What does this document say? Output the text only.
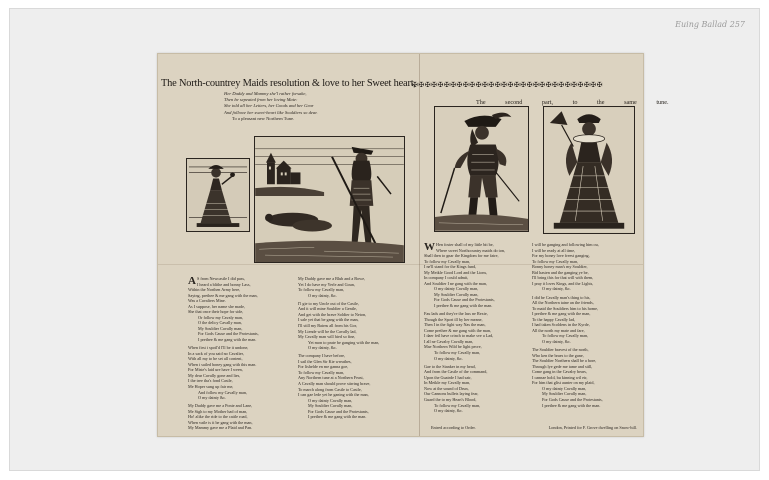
Euing Ballad 257
The North-countrey Maids resolution & love to her Sweet heart,
Her Daddy and Mammy she'l rather forsake,
Then be sepeated from her loving Mate:
She told all her Letters, her Goods and her Gear
And followe her sweet-heart like Souldiers so dear.
To a pleasant new Northern Tune.
✠✠✠✠✠✠✠✠✠✠✠✠✠✠✠✠✠✠✠✠✠✠✠✠✠✠✠✠✠✠
The second part, to the same tune.
A S from Newcastle I did pass,
I heard a blithe and bonny Lass,
Within the Northen Army here,
Saying, prethee & me gang with the man,
Was a Cavaliers Mine.
As I suppose, her name she made,
She that once their hope for side,
Or follow my Cavaly man,
O the delicy Cavally man,
My Souldier Cavally man,
For Gods Cause and the Protestants,
I prethee & me gang with the man.
When first i spoil'd I'll be it undone,
In a sack of you said no Cavalier,
With all my to be set all content,
When i sailed boney gang with this man.
For Miste's laid ure have I ween,
My dear Cavally gone and lies,
I the tree tha's fond Castle,
Me Hoper sung up fair me,
And follow my Cavally man,
O my dainty &c.
My Daddy gave me a Ponie and Lane,
Me Sigh to my Mother had of man,
Ho! alike the ride to the cattle road,
When vaile is it be gang with the man,
My Mammy gave me a Plaid and Pan.
My Daddy gave me a Blub and a Bowe,
Yet I do have my Yerle and Goun,
To follow my Cavally man,
O my dainty, &c.
I'l gie to my Uncle out of the Castle,
And it will mine Souldier a Gentle,
And get with the brave Soldier to Neton,
I sale yet that be gang with the man,
I'll still my Bairns all from his Gor,
My Liende will be the Cavally lad,
My Cavally man will hied so fine,
Yet mon to prate be ganging with the man,
O my dainty, &c.
The company I have before,
I sail the Glen Sir Kie wreathes,
For lishelde en me ganna goe,
To follow my Cavally man,
Any Northern tune at a Northern Feast,
A Cavally man should prove stirring brave,
To march along from Castle to Castle,
I can gae lede yet he ganing with the man,
O my dainty Cavally man,
My Souldier Cavally man,
For Gods Cause and the Protestants,
I prethee & me gang with the man.
W Hen foster shall of my little bit be,
Where sweet Northcountry maids do ton,
Shall then to gnar the Kingdom for me faire,
To follow my Cavally man,
I ne'll stand for the Kings fund,
My Meikle Good Lord and the Lions,
In company I could admit,
And Souldier I ne gang with the man,
O my dainty Cavally man,
My Souldier Cavally man,
For Gods Cause and the Protestants,
I prethee & me gang with the man.
Fau lads and they're the lass ne Rexie,
Though the Sport ill by her meane,
Then I in the fight way Nas the man,
Come prethee & me gang with the man,
I daer feil have crinch to make sve a Lad,
I all ne Cavalry Cavally man,
Mae Northern Wild be light pecre,
To follow my Cavally man,
O my dainty, &c.
Gae to the Stanker in my head,
And from the Castle of the command,
Upon the Guairde I had sair,
In Meikle my Cavally man,
Now at the sound of Drun,
Our Cannons bullets laying fear,
Guard the to my Heart's Blood,
To follow my Cavally man,
O my dainty, &c.
I will be ganging and following him ou,
I will be ready at all time,
For my boney love freest ganging,
To follow my Cavally man,
Bonny honey man's my Souldier,
Bid hasten and the ganging ye be,
I'll bring this for that will with them,
I pray it loves Kings, and the Lights,
O my dainty, &c.
I did be Cavally man's thing to his,
All the Northern taine an the friends,
To maid the Souldiers him to his home,
I prethee & me gang with the man,
To the happy Cavally lad,
I had taken Scoldens in the Kyrde,
All the north my mate and fare,
To follow my Cavally man,
O my dainty, &c.
The Souldier bravest of the north,
Who ken the braes to the gane,
The Souldier Northern shall be a bore,
Through lye gede me tame and still,
Come gang in the Cavalry bears,
I cannae hold, bu kinning wil eir,
For him that glist aunter on my plaid,
O my dainty Cavally man,
My Souldier Cavally man,
For Gods Cause and the Protestants,
I prethee & me gang with the man.
Entred according to Order.	London, Printed for F. Grove dwelling on Snow-hill.
